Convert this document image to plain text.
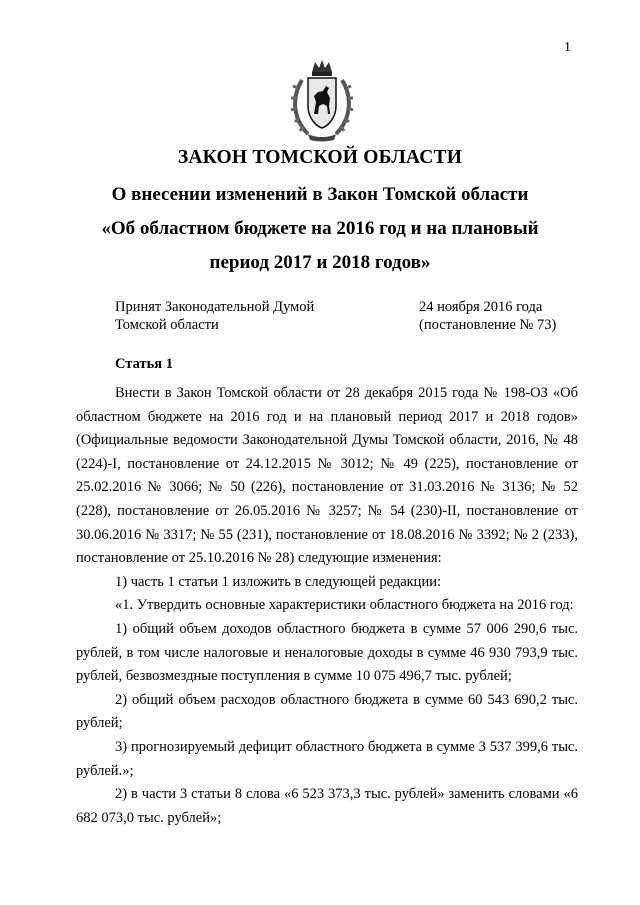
1

ЗАКОН ТОМСКОЙ ОБЛАСТИ

О внесении изменений в Закон Томской области

«Об областном бюджете на 2016 год и на плановый

период 2017 и 2018 годов»

Принят Законодательной Думой
Томской области
24 ноября 2016 года
(постановление № 73)
Статья 1

Внести в Закон Томской области от 28 декабря 2015 года № 198-ОЗ «Об областном бюджете на 2016 год и на плановый период 2017 и 2018 годов» (Официальные ведомости Законодательной Думы Томской области, 2016, № 48 (224)-I, постановление от 24.12.2015 № 3012; № 49 (225), постановление от 25.02.2016 № 3066; № 50 (226), постановление от 31.03.2016 № 3136; № 52 (228), постановление от 26.05.2016 № 3257; № 54 (230)-II, постановление от 30.06.2016 № 3317; № 55 (231), постановление от 18.08.2016 № 3392; № 2 (233), постановление от 25.10.2016 № 28) следующие изменения:

1) часть 1 статьи 1 изложить в следующей редакции:

«1. Утвердить основные характеристики областного бюджета на 2016 год:

1) общий объем доходов областного бюджета в сумме 57 006 290,6 тыс. рублей, в том числе налоговые и неналоговые доходы в сумме 46 930 793,9 тыс. рублей, безвозмездные поступления в сумме 10 075 496,7 тыс. рублей;

2) общий объем расходов областного бюджета в сумме 60 543 690,2 тыс. рублей;

3) прогнозируемый дефицит областного бюджета в сумме 3 537 399,6 тыс. рублей.»;

2) в части 3 статьи 8 слова «6 523 373,3 тыс. рублей» заменить словами «6 682 073,0 тыс. рублей»;
